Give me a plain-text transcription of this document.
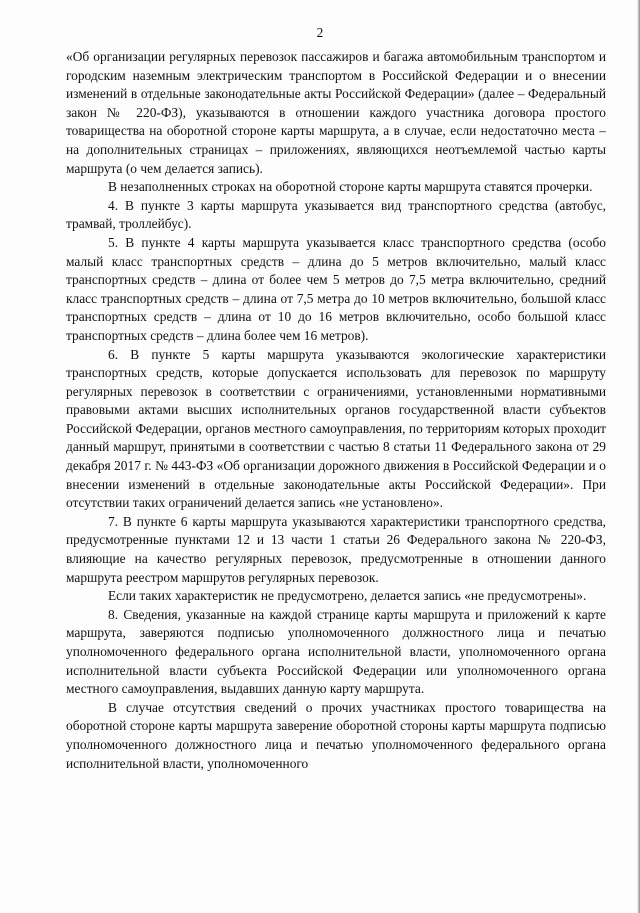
2

«Об организации регулярных перевозок пассажиров и багажа автомобильным транспортом и городским наземным электрическим транспортом в Российской Федерации и о внесении изменений в отдельные законодательные акты Российской Федерации» (далее – Федеральный закон № 220-ФЗ), указываются в отношении каждого участника договора простого товарищества на оборотной стороне карты маршрута, а в случае, если недостаточно места – на дополнительных страницах – приложениях, являющихся неотъемлемой частью карты маршрута (о чем делается запись).

В незаполненных строках на оборотной стороне карты маршрута ставятся прочерки.

4. В пункте 3 карты маршрута указывается вид транспортного средства (автобус, трамвай, троллейбус).

5. В пункте 4 карты маршрута указывается класс транспортного средства (особо малый класс транспортных средств – длина до 5 метров включительно, малый класс транспортных средств – длина от более чем 5 метров до 7,5 метра включительно, средний класс транспортных средств – длина от 7,5 метра до 10 метров включительно, большой класс транспортных средств – длина от 10 до 16 метров включительно, особо большой класс транспортных средств – длина более чем 16 метров).

6. В пункте 5 карты маршрута указываются экологические характеристики транспортных средств, которые допускается использовать для перевозок по маршруту регулярных перевозок в соответствии с ограничениями, установленными нормативными правовыми актами высших исполнительных органов государственной власти субъектов Российской Федерации, органов местного самоуправления, по территориям которых проходит данный маршрут, принятыми в соответствии с частью 8 статьи 11 Федерального закона от 29 декабря 2017 г. № 443-ФЗ «Об организации дорожного движения в Российской Федерации и о внесении изменений в отдельные законодательные акты Российской Федерации». При отсутствии таких ограничений делается запись «не установлено».

7. В пункте 6 карты маршрута указываются характеристики транспортного средства, предусмотренные пунктами 12 и 13 части 1 статьи 26 Федерального закона № 220-ФЗ, влияющие на качество регулярных перевозок, предусмотренные в отношении данного маршрута реестром маршрутов регулярных перевозок.

Если таких характеристик не предусмотрено, делается запись «не предусмотрены».

8. Сведения, указанные на каждой странице карты маршрута и приложений к карте маршрута, заверяются подписью уполномоченного должностного лица и печатью уполномоченного федерального органа исполнительной власти, уполномоченного органа исполнительной власти субъекта Российской Федерации или уполномоченного органа местного самоуправления, выдавших данную карту маршрута.

В случае отсутствия сведений о прочих участниках простого товарищества на оборотной стороне карты маршрута заверение оборотной стороны карты маршрута подписью уполномоченного должностного лица и печатью уполномоченного федерального органа исполнительной власти, уполномоченного
